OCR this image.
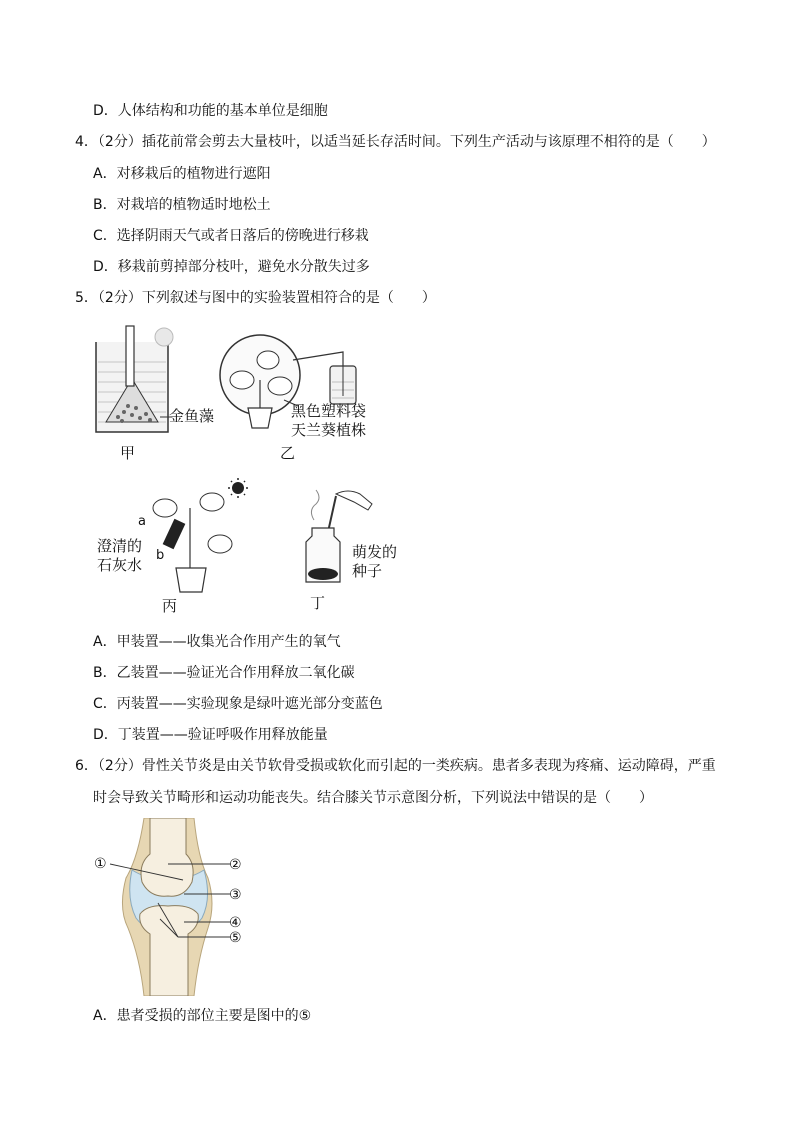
D．人体结构和功能的基本单位是细胞
4．（2分）插花前常会剪去大量枝叶，以适当延长存活时间。下列生产活动与该原理不相符的是（　　）
A．对移栽后的植物进行遮阳
B．对栽培的植物适时地松土
C．选择阴雨天气或者日落后的傍晚进行移栽
D．移栽前剪掉部分枝叶，避免水分散失过多
5．（2分）下列叙述与图中的实验装置相符合的是（　　）
金鱼藻
甲
黑色塑料袋
天兰葵植株
乙
a
b
澄清的
石灰水
丙
萌发的
种子
丁
A．甲装置——收集光合作用产生的氧气
B．乙装置——验证光合作用释放二氧化碳
C．丙装置——实验现象是绿叶遮光部分变蓝色
D．丁装置——验证呼吸作用释放能量
6．（2分）骨性关节炎是由关节软骨受损或软化而引起的一类疾病。患者多表现为疼痛、运动障碍，严重
时会导致关节畸形和运动功能丧失。结合膝关节示意图分析，下列说法中错误的是（　　）
①	②
③
④
⑤
A．患者受损的部位主要是图中的⑤
